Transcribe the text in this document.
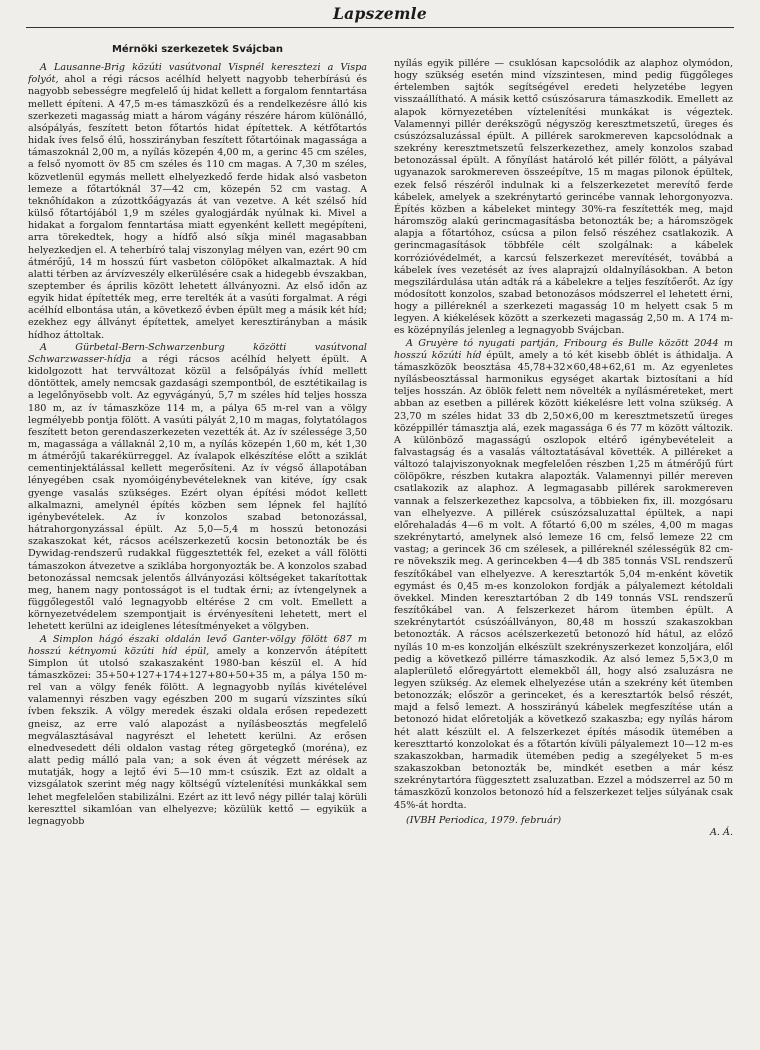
Lapszemle
Mérnöki szerkezetek Svájcban

A Lausanne-Brig közúti vasútvonal Vispnél keresztezi a Vispa folyót, ahol a régi rácsos acélhíd helyett nagyobb teherbírású és nagyobb sebességre megfelelő új hidat kellett a forgalom fenntartása mellett építeni. A 47,5 m-es támaszközű és a rendelkezésre álló kis szerkezeti magasság miatt a három vágány részére három különálló, alsópályás, feszített beton főtartós hidat építettek. A kétfőtartós hidak íves felső élű, hosszirányban feszített főtartóinak magassága a támaszoknál 2,00 m, a nyílás közepén 4,00 m, a gerinc 45 cm széles, a felső nyomott öv 85 cm széles és 110 cm magas. A 7,30 m széles, közvetlenül egymás mellett elhelyezkedő ferde hidak alsó vasbeton lemeze a főtartóknál 37—42 cm, közepén 52 cm vastag. A teknőhídakon a zúzottkőágyazás át van vezetve. A két szélső híd külső főtartójából 1,9 m széles gyalogjárdák nyúlnak ki. Mivel a hidakat a forgalom fenntartása miatt egyenként kellett megépíteni, arra törekedtek, hogy a hídfő alsó síkja minél magasabban helyezkedjen el. A teherbíró talaj viszonylag mélyen van, ezért 90 cm átmérőjű, 14 m hosszú fúrt vasbeton cölöpöket alkalmaztak. A híd alatti térben az árvízveszély elkerülésére csak a hidegebb évszakban, szeptember és április között lehetett állványozni. Az első időn az egyik hidat építették meg, erre terelték át a vasúti forgalmat. A régi acélhíd elbontása után, a következő évben épült meg a másik két híd; ezekhez egy állványt építettek, amelyet keresztirányban a másik hídhoz áttoltak.

A Gürbetal-Bern-Schwarzenburg közötti vasútvonal Schwarzwasser-hídja a régi rácsos acélhíd helyett épült. A kidolgozott hat tervváltozat közül a felsőpályás ívhíd mellett döntöttek, amely nemcsak gazdasági szempontból, de esztétikailag is a legelőnyösebb volt. Az egyvágányú, 5,7 m széles híd teljes hossza 180 m, az ív támaszköze 114 m, a pálya 65 m-rel van a völgy legmélyebb pontja fölött. A vasúti pályát 2,10 m magas, folytatólagos feszített beton gerendaszerkezeten vezették át. Az ív szélessége 3,50 m, magassága a vállaknál 2,10 m, a nyílás közepén 1,60 m, két 1,30 m átmérőjű takarékürreggel. Az ívalapok elkészítése előtt a sziklát cementinjektálással kellett megerősíteni. Az ív végső állapotában lényegében csak nyomóigénybevételeknek van kitéve, így csak gyenge vasalás szükséges. Ezért olyan építési módot kellett alkalmazni, amelynél építés közben sem lépnek fel hajlító igénybevételek. Az ív konzolos szabad betonozással, hátrahorgonyzással épült. Az 5,0—5,4 m hosszú betonozási szakaszokat két, rácsos acélszerkezetű kocsin betonozták be és Dywidag-rendszerű rudakkal függesztették fel, ezeket a váll fölötti támaszokon átvezetve a sziklába horgonyozták be. A konzolos szabad betonozással nemcsak jelentős állványozási költségeket takarítottak meg, hanem nagy pontosságot is el tudtak érni; az ívtengelynek a függőlegestől való legnagyobb eltérése 2 cm volt. Emellett a környezetvédelem szempontjait is érvényesíteni lehetett, mert el lehetett kerülni az ideiglenes létesítményeket a völgyben.

A Simplon hágó északi oldalán levő Ganter-völgy fölött 687 m hosszú kétnyomú közúti híd épül, amely a konzervőn átépített Simplon út utolsó szakaszaként 1980-ban készül el. A híd támaszközei: 35+50+127+174+127+80+50+35 m, a pálya 150 m-rel van a völgy fenék fölött. A legnagyobb nyílás kivételével valamennyi részben vagy egészben 200 m sugarú vízszintes síkú ívben fekszik. A völgy meredek északi oldala erősen repedezett gneisz, az erre való alapozást a nyílásbeosztás megfelelő megválasztásával nagyrészt el lehetett kerülni. Az erősen elnedvesedett déli oldalon vastag réteg görgetegkő (moréna), ez alatt pedig málló pala van; a sok éven át végzett mérések az mutatják, hogy a lejtő évi 5—10 mm-t csúszik. Ezt az oldalt a vizsgálatok szerint még nagy költségű víztelenítési munkákkal sem lehet megfelelően stabilizálni. Ezért az itt levő négy pillér talaj körüli kereszttel sikamlóan van elhelyezve; közülük kettő — egyikük a legnagyobb

nyílás egyik pillére — csuklósan kapcsolódik az alaphoz olymódon, hogy szükség esetén mind vízszintesen, mind pedig függőleges értelemben sajtók segítségével eredeti helyzetébe legyen visszaállítható. A másik kettő csúszósarura támaszkodik. Emellett az alapok környezetében víztelenítési munkákat is végeztek. Valamennyi pillér derékszögű négyszög keresztmetszetű, üreges és csúszózsaluzással épült. A pillérek sarokmereven kapcsolódnak a szekrény keresztmetszetű felszerkezethez, amely konzolos szabad betonozással épült. A főnyílást határoló két pillér fölött, a pályával ugyanazok sarokmereven összeépítve, 15 m magas pilonok épültek, ezek felső részéről indulnak ki a felszerkezetet merevítő ferde kábelek, amelyek a szekrénytartó gerincébe vannak lehorgonyozva. Építés közben a kábeleket mintegy 30%-ra feszítették meg, majd háromszög alakú gerincmagasításba betonozták be; a háromszögek alapja a főtartóhoz, csúcsa a pilon felső részéhez csatlakozik. A gerincmagasítások többféle célt szolgálnak: a kábelek korrózióvédelmét, a karcsú felszerkezet merevítését, továbbá a kábelek íves vezetését az íves alaprajzú oldalnyílásokban. A beton megszilárdulása után adták rá a kábelekre a teljes feszítőerőt. Az így módosított konzolos, szabad betonozásos módszerrel el lehetett érni, hogy a pilléreknél a szerkezeti magasság 10 m helyett csak 5 m legyen. A kiékelések között a szerkezeti magasság 2,50 m. A 174 m-es középnyílás jelenleg a legnagyobb Svájcban.

A Gruyère tó nyugati partján, Fribourg és Bulle között 2044 m hosszú közúti híd épült, amely a tó két kisebb öblét is áthidalja. A támaszközök beosztása 45,78+32×60,48+62,61 m. Az egyenletes nyílásbeosztással harmonikus egységet akartak biztosítani a híd teljes hosszán. Az öblök felett nem növelték a nyílásméreteket, mert abban az esetben a pillérek között kiékelésre lett volna szükség. A 23,70 m széles hidat 33 db 2,50×6,00 m keresztmetszetű üreges középpillér támasztja alá, ezek magassága 6 és 77 m között változik. A különböző magasságú oszlopok eltérő igénybevételeit a falvastagság és a vasalás változtatásával követték. A pilléreket a változó talajviszonyoknak megfelelően részben 1,25 m átmérőjű fúrt cölöpökre, részben kutakra alapozták. Valamennyi pillér mereven csatlakozik az alaphoz. A legmagasabb pillérek sarokmereven vannak a felszerkezethez kapcsolva, a többieken fix, ill. mozgósaru van elhelyezve. A pillérek csúszózsaluzattal épültek, a napi előrehaladás 4—6 m volt. A főtartó 6,00 m széles, 4,00 m magas szekrénytartó, amelynek alsó lemeze 16 cm, felső lemeze 22 cm vastag; a gerincek 36 cm szélesek, a pilléreknél szélességük 82 cm-re növekszik meg. A gerincekben 4—4 db 385 tonnás VSL rendszerű feszítőkábel van elhelyezve. A keresztartók 5,04 m-enként követik egymást és 0,45 m-es konzolokon fordják a pályalemezt kétoldali övekkel. Minden keresztartóban 2 db 149 tonnás VSL rendszerű feszítőkábel van. A felszerkezet három ütemben épült. A szekrénytartót csúszóállványon, 80,48 m hosszú szakaszokban betonozták. A rácsos acélszerkezetű betonozó híd hátul, az előző nyílás 10 m-es konzolján elkészült szekrényszerkezet konzoljára, elől pedig a következő pillérre támaszkodik. Az alsó lemez 5,5×3,0 m alaplerülető előregyártott elemekből áll, hogy alsó zsaluzásra ne legyen szükség. Az elemek elhelyezése után a szekrény két ütemben betonozzák; először a gerinceket, és a keresztartók belső részét, majd a felső lemezt. A hosszirányú kábelek megfeszítése után a betonozó hidat előretolják a következő szakaszba; egy nyílás három hét alatt készült el. A felszerkezet építés második ütemében a kereszttartó konzolokat és a főtartón kívüli pályalemezt 10—12 m-es szakaszokban, harmadik ütemében pedig a szegélyeket 5 m-es szakaszokban betonozták be, mindkét esetben a már kész szekrénytartóra függesztett zsaluzatban. Ezzel a módszerrel az 50 m támaszközű konzolos betonozó híd a felszerkezet teljes súlyának csak 45%-át hordta.

(IVBH Periodica, 1979. február)

A. Á.
